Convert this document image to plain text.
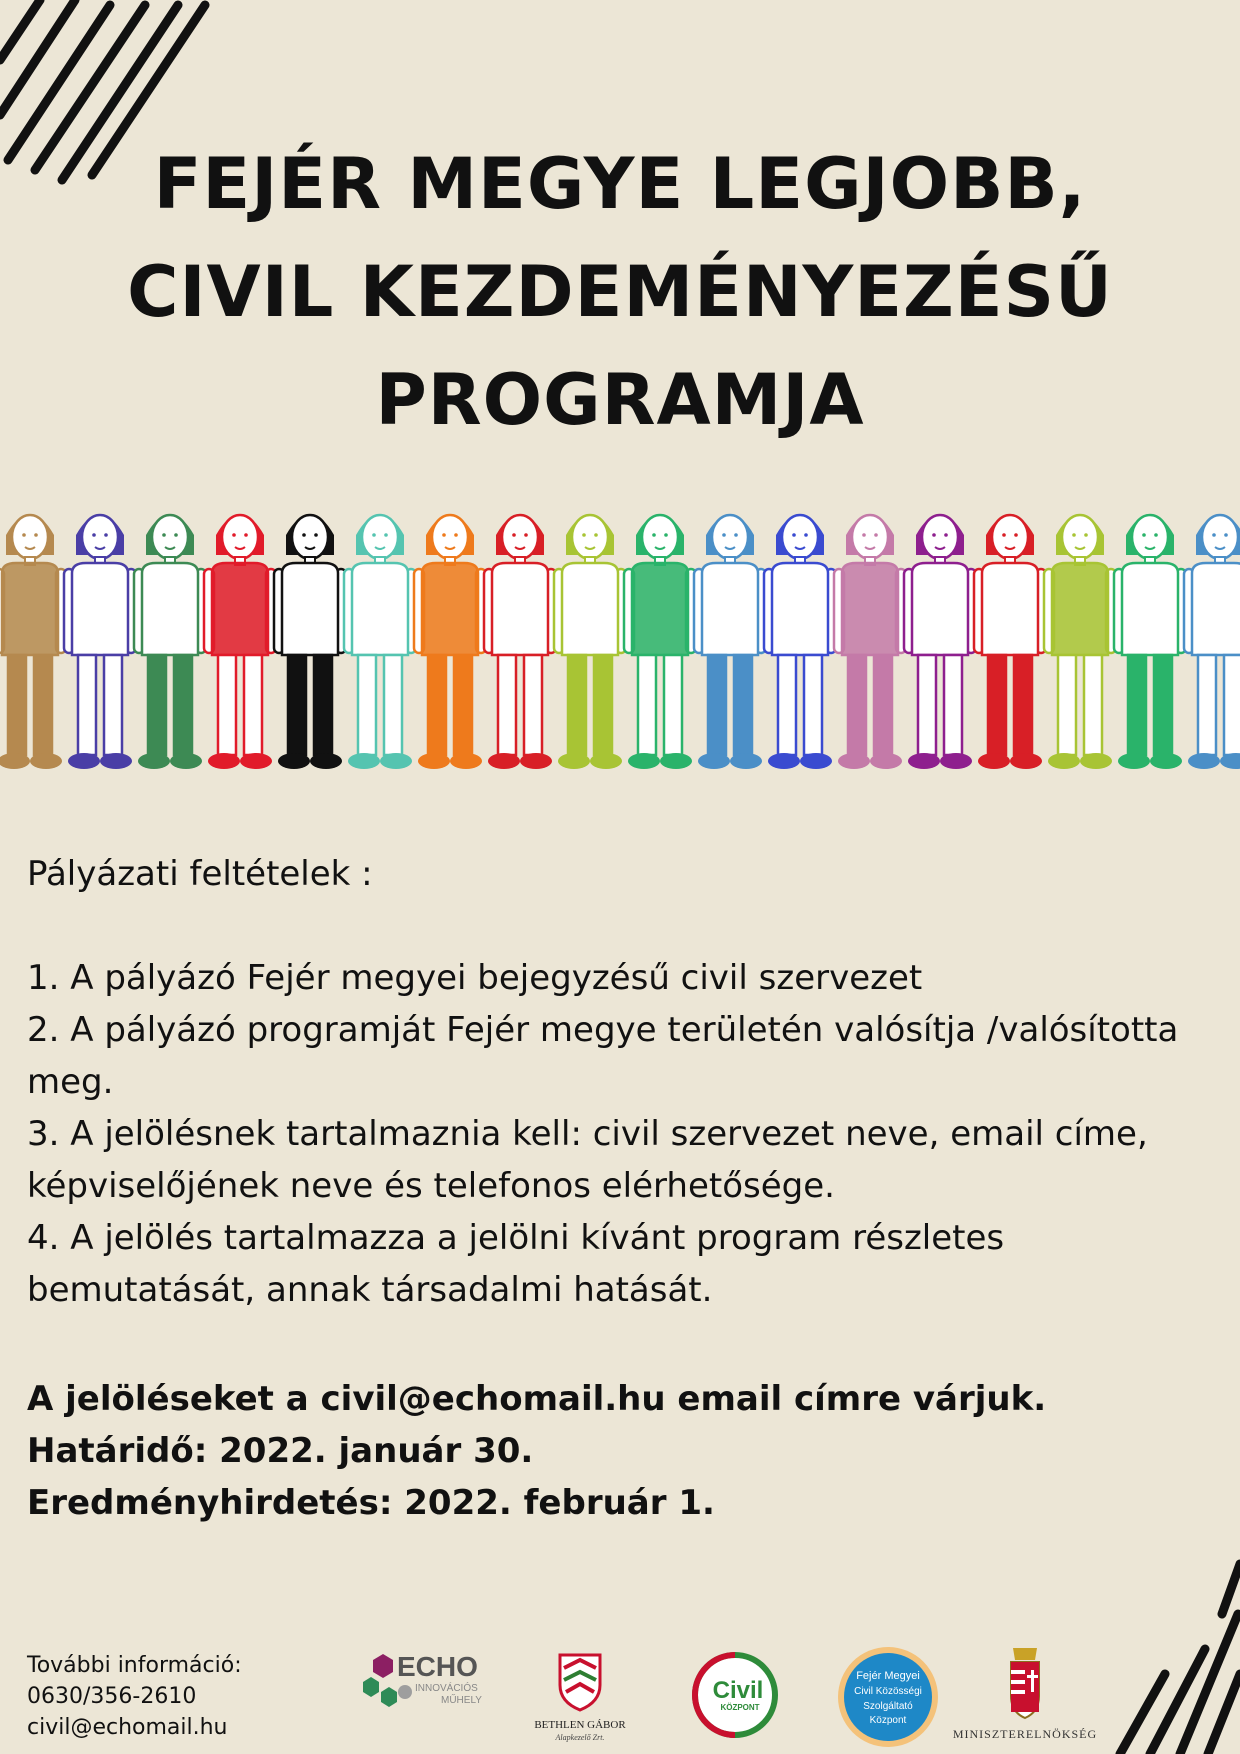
FEJÉR MEGYE LEGJOBB,
CIVIL KEZDEMÉNYEZÉSŰ
PROGRAMJA

Pályázati feltételek :

1. A pályázó Fejér megyei bejegyzésű civil szervezet

2. A pályázó programját Fejér megye területén valósítja /valósította meg.

3. A jelölésnek tartalmaznia kell: civil szervezet neve, email címe, képviselőjének neve és telefonos elérhetősége.

4. A jelölés tartalmazza a jelölni kívánt program részletes bemutatását, annak társadalmi hatását.

A jelöléseket a civil@echomail.hu email címre várjuk.

Határidő: 2022. január 30.

Eredményhirdetés: 2022. február 1.

További információ:

0630/356-2610

civil@echomail.hu

ECHO
INNOVÁCIÓS
MŰHELY
BETHLEN GÁBOR
Alapkezelő Zrt.
Civil
KÖZPONT
Fejér Megyei
Civil Közösségi
Szolgáltató
Központ
MINISZTERELNÖKSÉG
